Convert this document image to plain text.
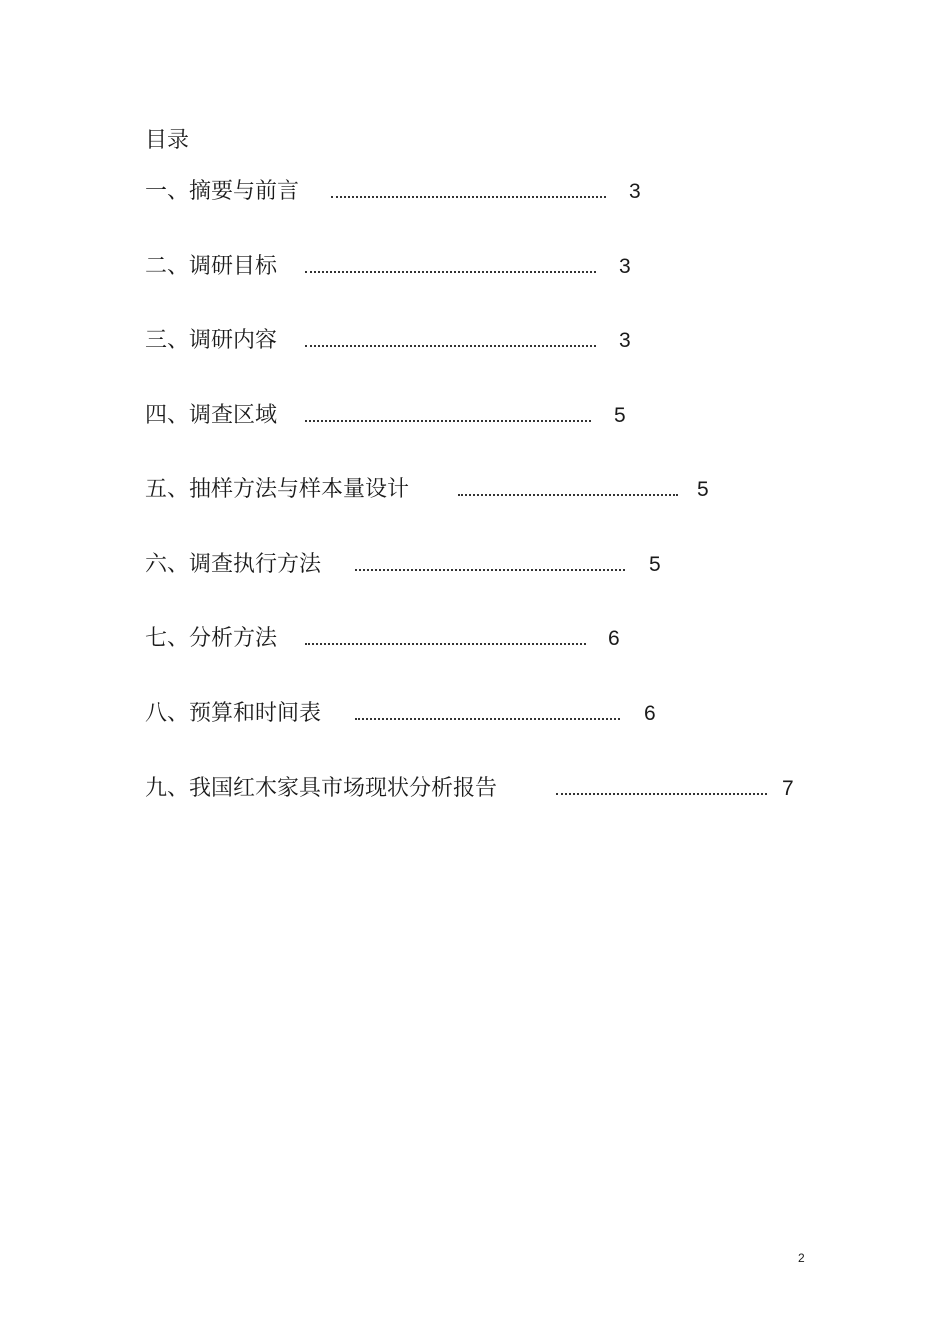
目录
一、摘要与前言	3
二、调研目标	3
三、调研内容	3
四、调查区域	5
五、抽样方法与样本量设计	5
六、调查执行方法	5
七、分析方法	6
八、预算和时间表	6
九、我国红木家具市场现状分析报告	7
2
